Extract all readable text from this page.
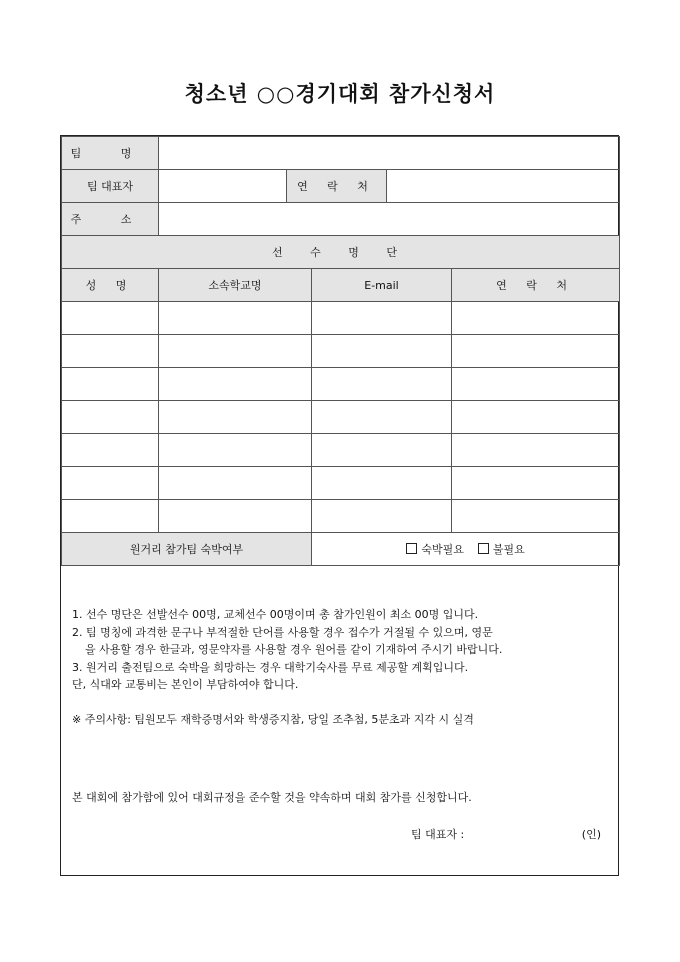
청소년 ○○경기대회 참가신청서
팀 명					
팀 대표자		연 락 처			
주 소					
선 수 명 단					
성 명	소속학교명		E-mail		연 락 처

원거리 참가팀 숙박여부			숙박필요 불필요		

1. 선수 명단은 선발선수 00명, 교체선수 00명이며 총 참가인원이 최소 00명 입니다.

2. 팀 명칭에 과격한 문구나 부적절한 단어를 사용할 경우 접수가 거절될 수 있으며, 영문

을 사용할 경우 한글과, 영문약자를 사용할 경우 원어를 같이 기재하여 주시기 바랍니다.

3. 원거리 출전팀으로 숙박을 희망하는 경우 대학기숙사를 무료 제공할 계획입니다.

단, 식대와 교통비는 본인이 부담하여야 합니다.

※ 주의사항: 팀원모두 재학증명서와 학생증지참, 당일 조추첨, 5분초과 지각 시 실격

본 대회에 참가함에 있어 대회규정을 준수할 것을 약속하며 대회 참가를 신청합니다.
팀 대표자 :	(인)
